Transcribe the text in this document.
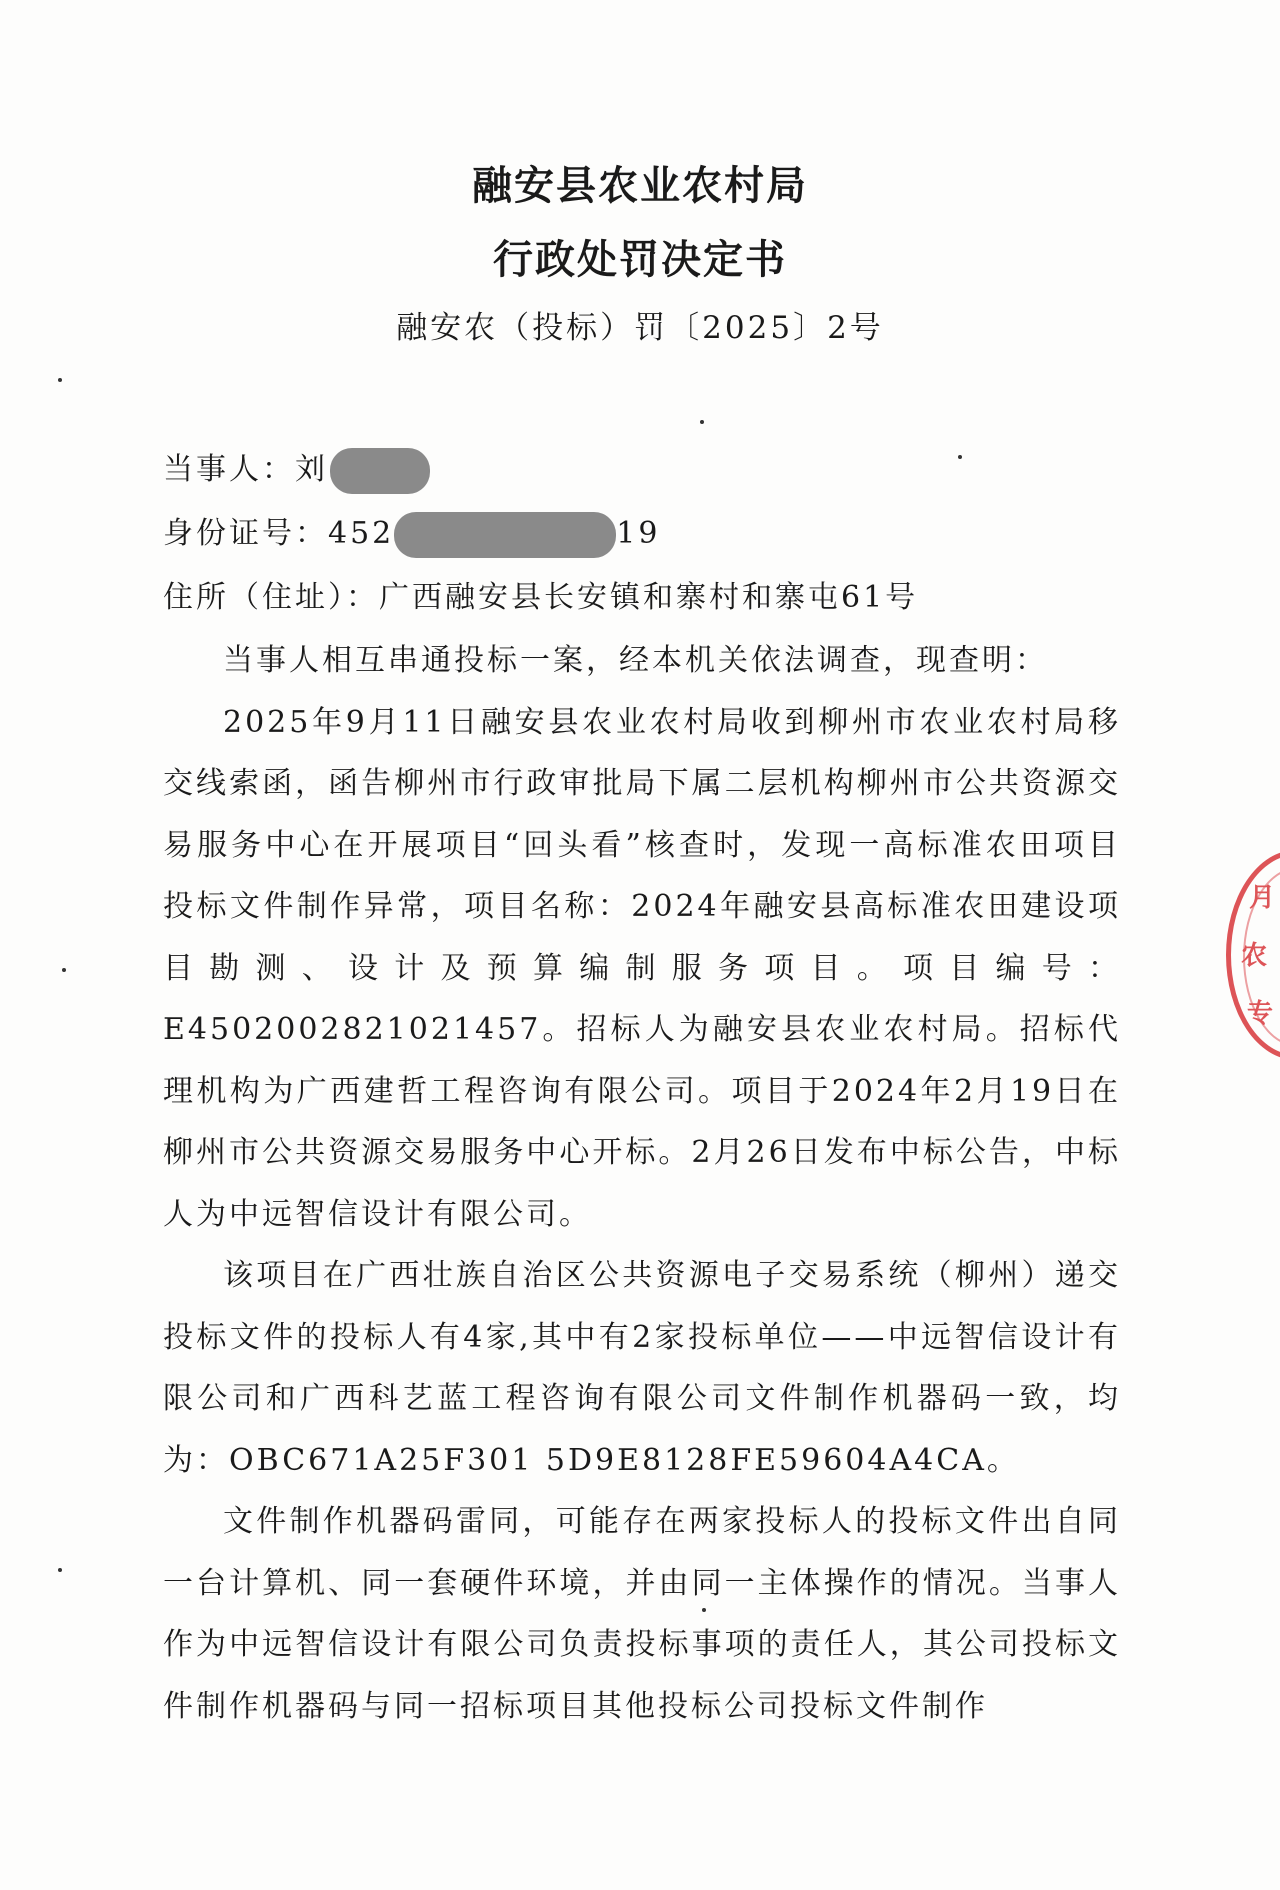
融安县农业农村局
行政处罚决定书
融安农（投标）罚〔2025〕2号
当事人：刘
身份证号：452	19
住所（住址）：广西融安县长安镇和寨村和寨屯61号

当事人相互串通投标一案，经本机关依法调查，现查明：

2025年9月11日融安县农业农村局收到柳州市农业农村局移交线索函，函告柳州市行政审批局下属二层机构柳州市公共资源交易服务中心在开展项目“回头看”核查时，发现一高标准农田项目投标文件制作异常，项目名称：2024年融安县高标准农田建设项目勘测、设计及预算编制服务项目。项目编号：E4502002821021457。招标人为融安县农业农村局。招标代理机构为广西建哲工程咨询有限公司。项目于2024年2月19日在柳州市公共资源交易服务中心开标。2月26日发布中标公告，中标人为中远智信设计有限公司。

该项目在广西壮族自治区公共资源电子交易系统（柳州）递交投标文件的投标人有4家,其中有2家投标单位——中远智信设计有限公司和广西科艺蓝工程咨询有限公司文件制作机器码一致，均为：OBC671A25F301 5D9E8128FE59604A4CA。

文件制作机器码雷同，可能存在两家投标人的投标文件出自同一台计算机、同一套硬件环境，并由同一主体操作的情况。当事人作为中远智信设计有限公司负责投标事项的责任人，其公司投标文件制作机器码与同一招标项目其他投标公司投标文件制作

月
农
专
